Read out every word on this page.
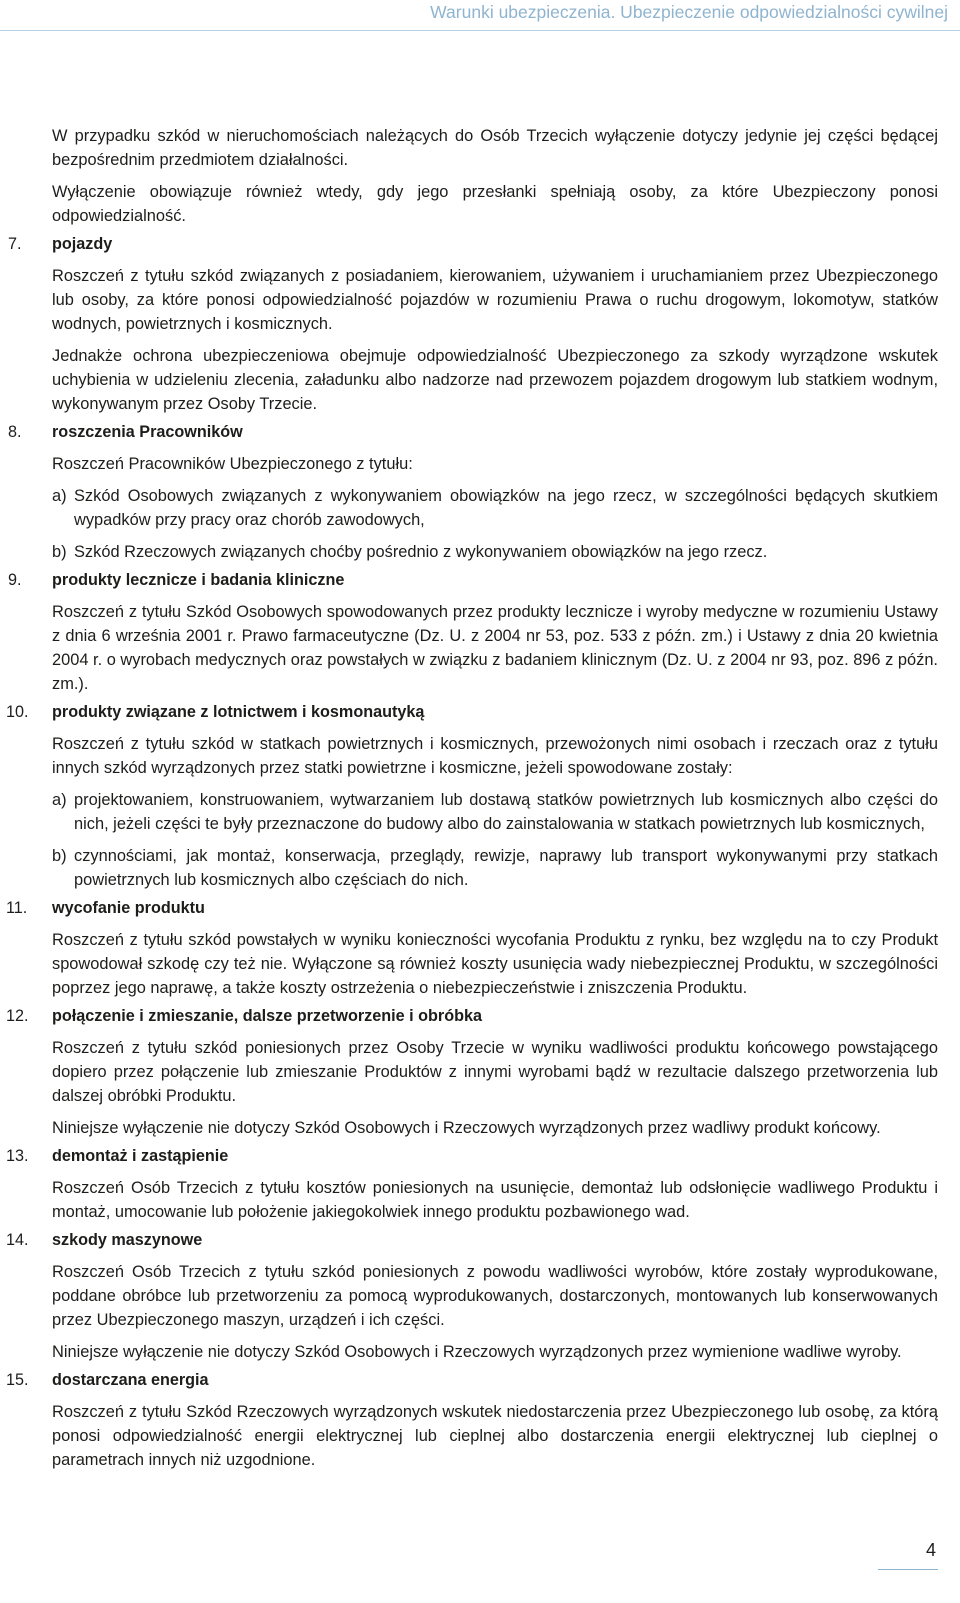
Warunki ubezpieczenia. Ubezpieczenie odpowiedzialności cywilnej

W przypadku szkód w nieruchomościach należących do Osób Trzecich wyłączenie dotyczy jedynie jej części będącej bezpośrednim przedmiotem działalności.

Wyłączenie obowiązuje również wtedy, gdy jego przesłanki spełniają osoby, za które Ubezpieczony ponosi odpowiedzialność.

7.	pojazdy

Roszczeń z tytułu szkód związanych z posiadaniem, kierowaniem, używaniem i uruchamianiem przez Ubezpieczonego lub osoby, za które ponosi odpowiedzialność pojazdów w rozumieniu Prawa o ruchu drogowym, lokomotyw, statków wodnych, powietrznych i kosmicznych.

Jednakże ochrona ubezpieczeniowa obejmuje odpowiedzialność Ubezpieczonego za szkody wyrządzone wskutek uchybienia w udzieleniu zlecenia, załadunku albo nadzorze nad przewozem pojazdem drogowym lub statkiem wodnym, wykonywanym przez Osoby Trzecie.

8.	roszczenia Pracowników

Roszczeń Pracowników Ubezpieczonego z tytułu:

a) Szkód Osobowych związanych z wykonywaniem obowiązków na jego rzecz, w szczególności będących skutkiem wypadków przy pracy oraz chorób zawodowych,
b) Szkód Rzeczowych związanych choćby pośrednio z wykonywaniem obowiązków na jego rzecz.
9.	produkty lecznicze i badania kliniczne

Roszczeń z tytułu Szkód Osobowych spowodowanych przez produkty lecznicze i wyroby medyczne w rozumieniu Ustawy z dnia 6 września 2001 r. Prawo farmaceutyczne (Dz. U. z 2004 nr 53, poz. 533 z późn. zm.) i Ustawy z dnia 20 kwietnia 2004 r. o wyrobach medycznych oraz powstałych w związku z badaniem klinicznym (Dz. U. z 2004 nr 93, poz. 896 z późn. zm.).

10.	produkty związane z lotnictwem i kosmonautyką

Roszczeń z tytułu szkód w statkach powietrznych i kosmicznych, przewożonych nimi osobach i rzeczach oraz z tytułu innych szkód wyrządzonych przez statki powietrzne i kosmiczne, jeżeli spowodowane zostały:

a) projektowaniem, konstruowaniem, wytwarzaniem lub dostawą statków powietrznych lub kosmicznych albo części do nich, jeżeli części te były przeznaczone do budowy albo do zainstalowania w statkach powietrznych lub kosmicznych,
b) czynnościami, jak montaż, konserwacja, przeglądy, rewizje, naprawy lub transport wykonywanymi przy statkach powietrznych lub kosmicznych albo częściach do nich.
11.	wycofanie produktu

Roszczeń z tytułu szkód powstałych w wyniku konieczności wycofania Produktu z rynku, bez względu na to czy Produkt spowodował szkodę czy też nie. Wyłączone są również koszty usunięcia wady niebezpiecznej Produktu, w szczególności poprzez jego naprawę, a także koszty ostrzeżenia o niebezpieczeństwie i zniszczenia Produktu.

12.	połączenie i zmieszanie, dalsze przetworzenie i obróbka

Roszczeń z tytułu szkód poniesionych przez Osoby Trzecie w wyniku wadliwości produktu końcowego powstającego dopiero przez połączenie lub zmieszanie Produktów z innymi wyrobami bądź w rezultacie dalszego przetworzenia lub dalszej obróbki Produktu.

Niniejsze wyłączenie nie dotyczy Szkód Osobowych i Rzeczowych wyrządzonych przez wadliwy produkt końcowy.

13.	demontaż i zastąpienie

Roszczeń Osób Trzecich z tytułu kosztów poniesionych na usunięcie, demontaż lub odsłonięcie wadliwego Produktu i montaż, umocowanie lub położenie jakiegokolwiek innego produktu pozbawionego wad.

14.	szkody maszynowe

Roszczeń Osób Trzecich z tytułu szkód poniesionych z powodu wadliwości wyrobów, które zostały wyprodukowane, poddane obróbce lub przetworzeniu za pomocą wyprodukowanych, dostarczonych, montowanych lub konserwowanych przez Ubezpieczonego maszyn, urządzeń i ich części.

Niniejsze wyłączenie nie dotyczy Szkód Osobowych i Rzeczowych wyrządzonych przez wymienione wadliwe wyroby.

15.	dostarczana energia

Roszczeń z tytułu Szkód Rzeczowych wyrządzonych wskutek niedostarczenia przez Ubezpieczonego lub osobę, za którą ponosi odpowiedzialność energii elektrycznej lub cieplnej albo dostarczenia energii elektrycznej lub cieplnej o parametrach innych niż uzgodnione.

4
